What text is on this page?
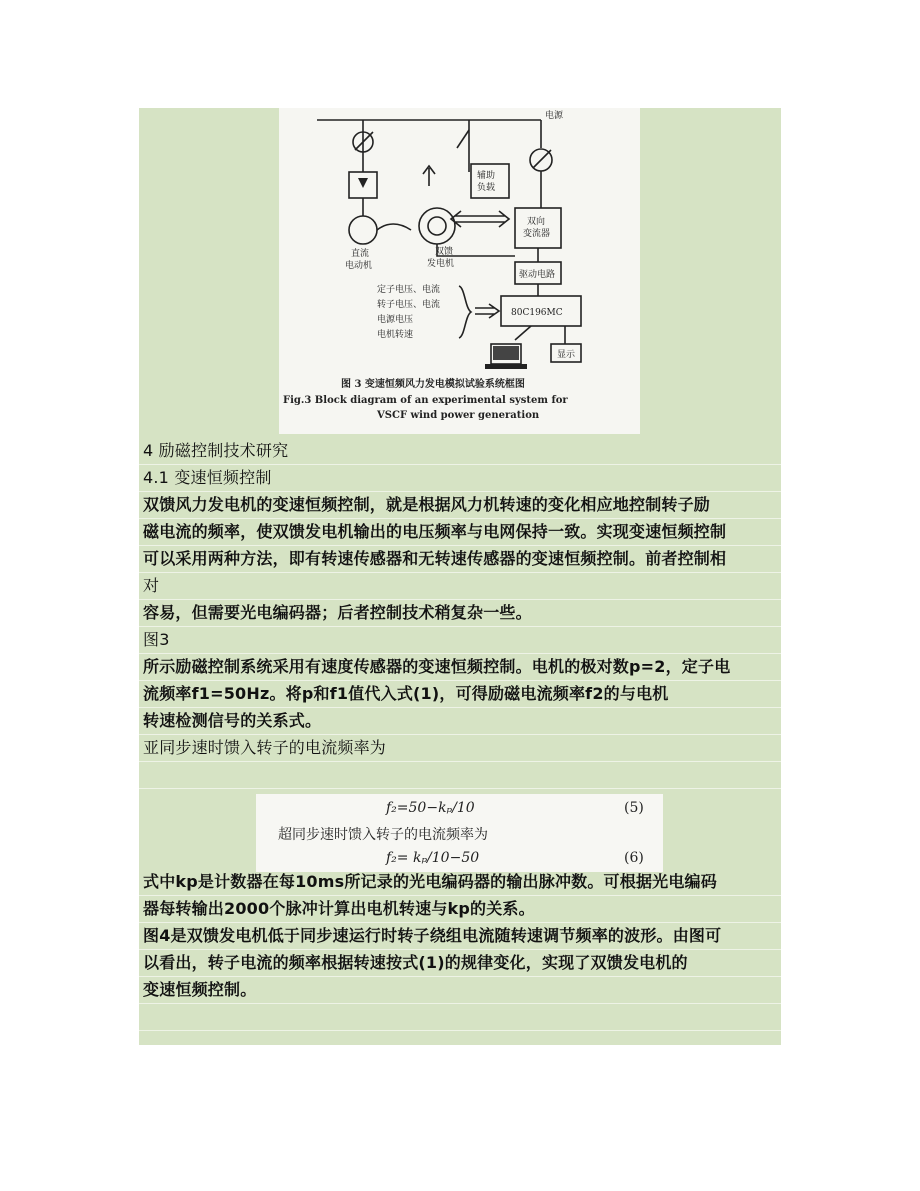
电源
辅助负载
双向变流器
直流电动机
双馈发电机
驱动电路
80C196MC
定子电压、电流
转子电压、电流
电源电压
电机转速
显示
图 3 变速恒频风力发电模拟试验系统框图
Fig.3 Block diagram of an experimental system for
VSCF wind power generation
4 励磁控制技术研究
4.1 变速恒频控制
双馈风力发电机的变速恒频控制，就是根据风力机转速的变化相应地控制转子励
磁电流的频率，使双馈发电机输出的电压频率与电网保持一致。实现变速恒频控制
可以采用两种方法，即有转速传感器和无转速传感器的变速恒频控制。前者控制相
对
容易，但需要光电编码器；后者控制技术稍复杂一些。
图3
所示励磁控制系统采用有速度传感器的变速恒频控制。电机的极对数p=2，定子电
流频率f1=50Hz。将p和f1值代入式(1)，可得励磁电流频率f2的与电机
转速检测信号的关系式。
亚同步速时馈入转子的电流频率为
式中kp是计数器在每10ms所记录的光电编码器的输出脉冲数。可根据光电编码
器每转输出2000个脉冲计算出电机转速与kp的关系。
图4是双馈发电机低于同步速运行时转子绕组电流随转速调节频率的波形。由图可
以看出，转子电流的频率根据转速按式(1)的规律变化，实现了双馈发电机的
变速恒频控制。
f₂=50−kₚ/10	(5)
超同步速时馈入转子的电流频率为
f₂= kₚ/10−50	(6)
